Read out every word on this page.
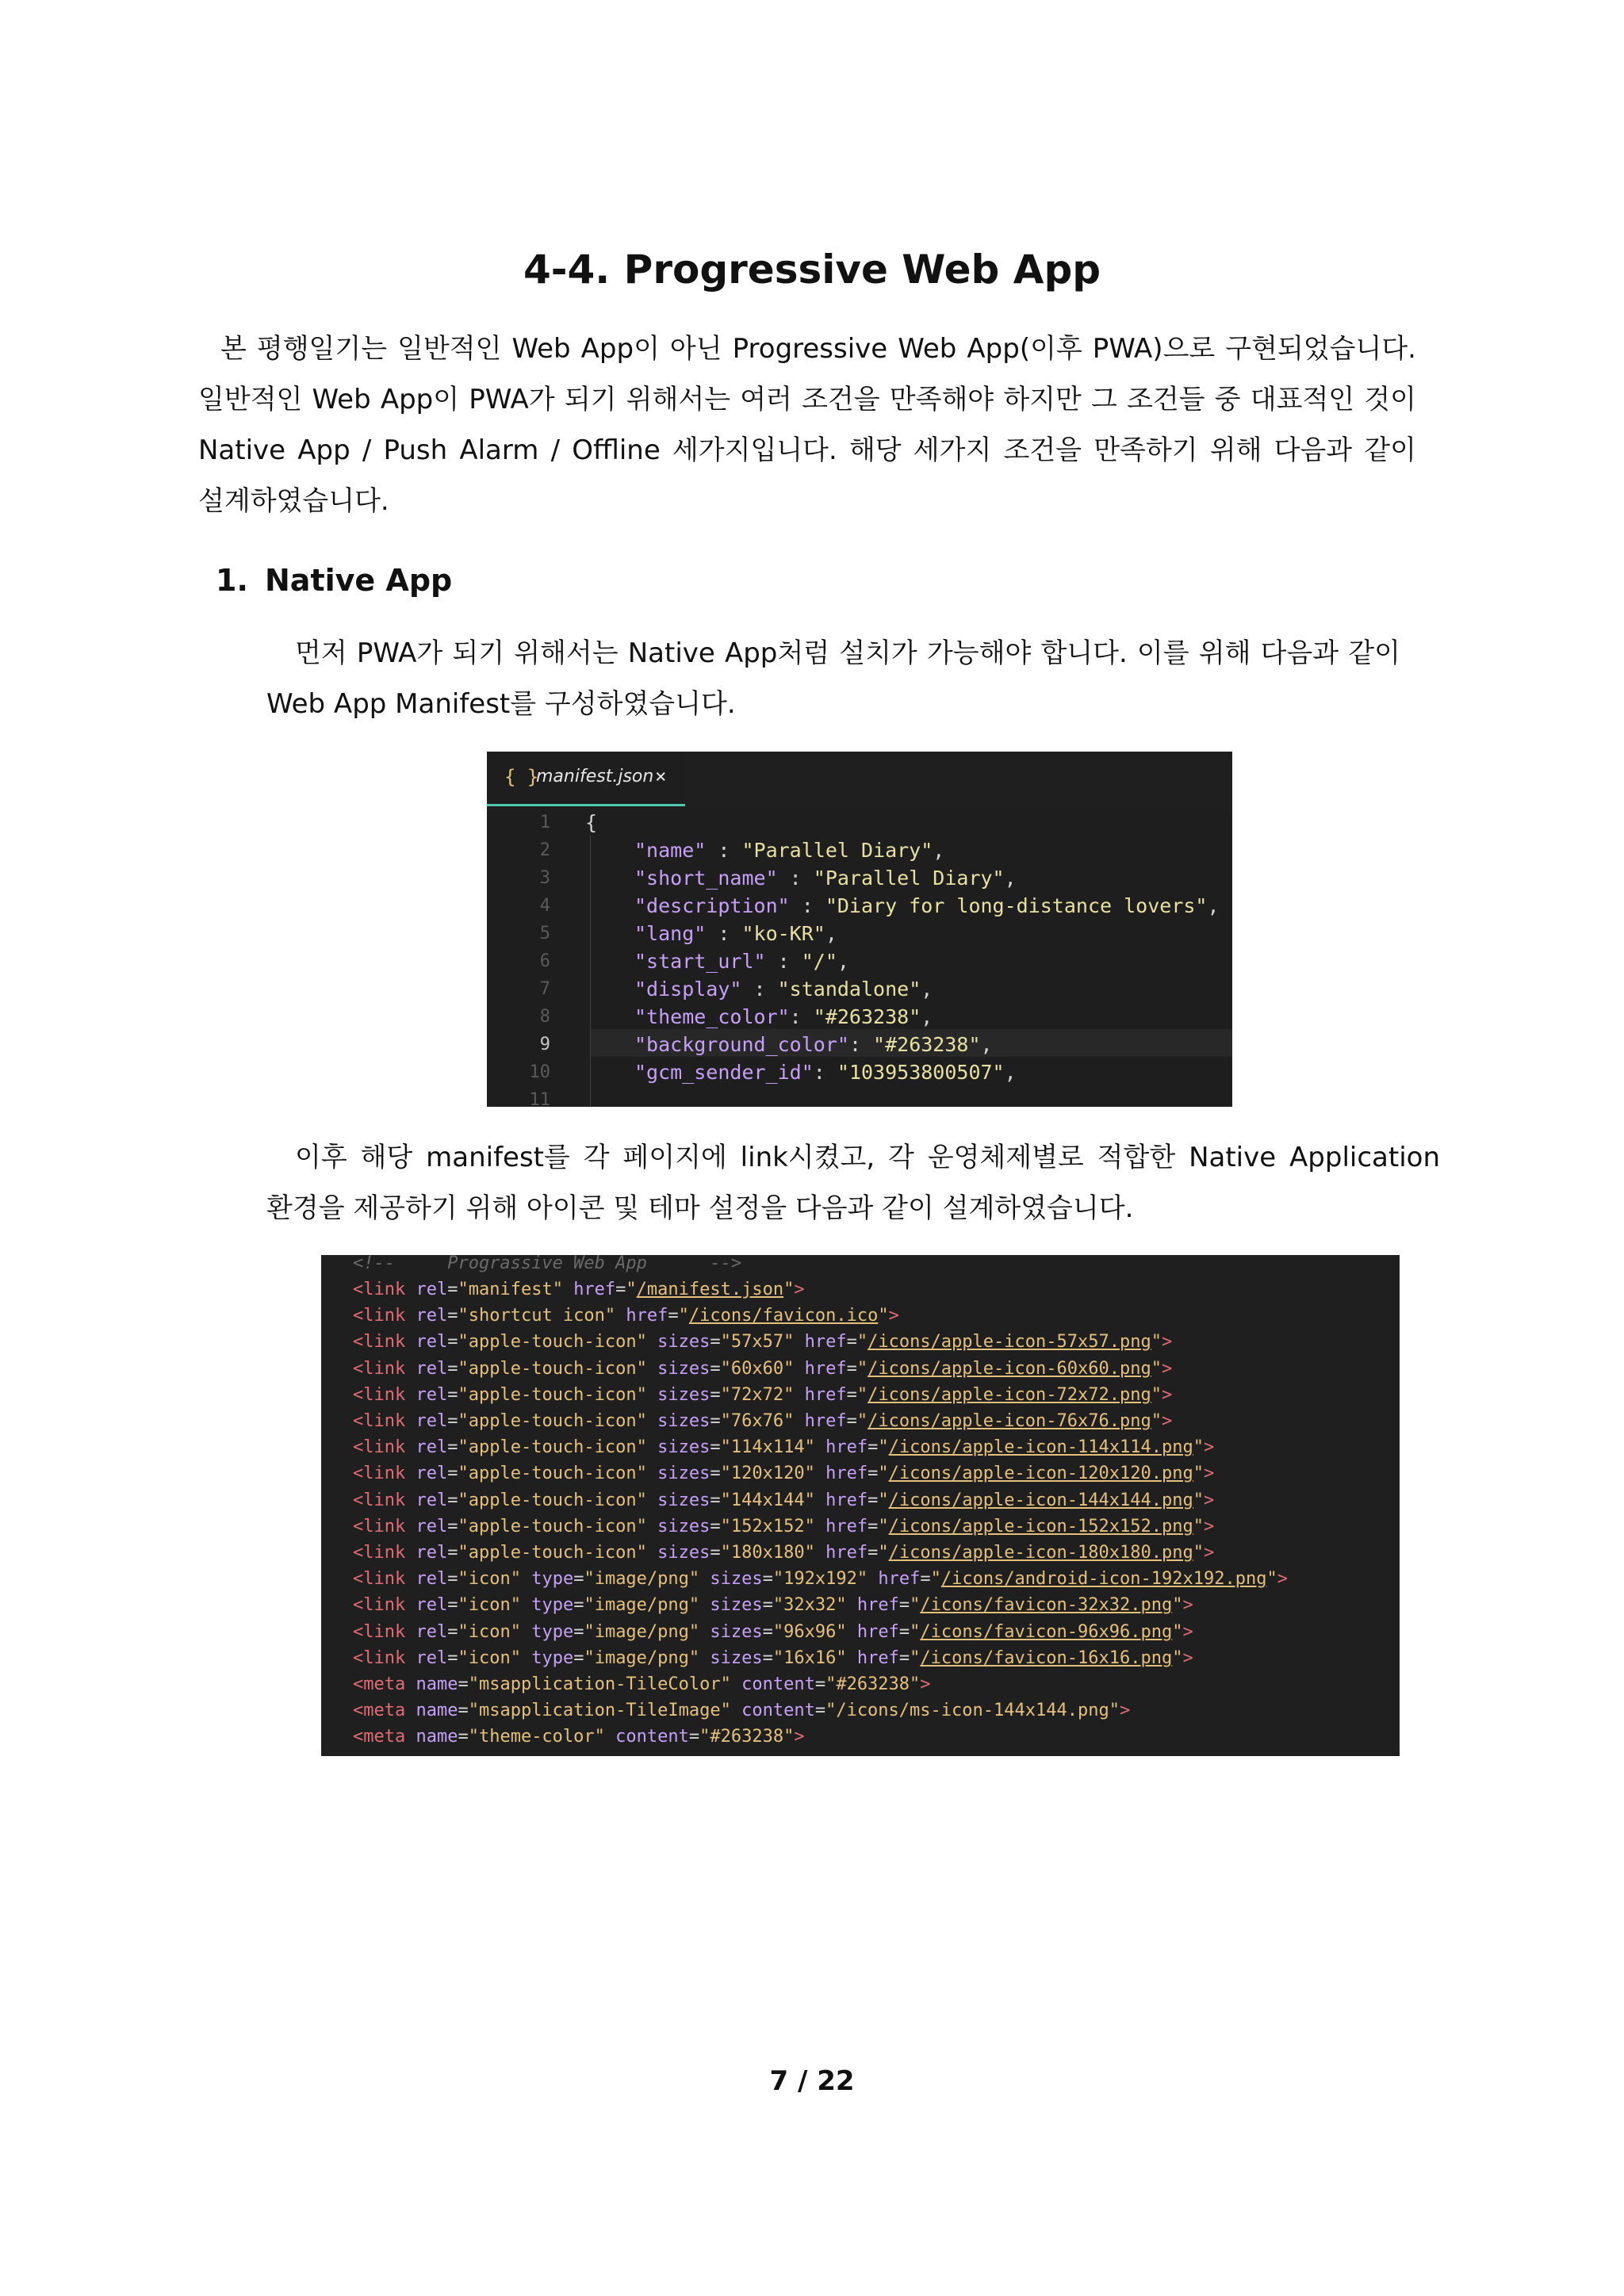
4-4. Progressive Web App

본 평행일기는 일반적인 Web App이 아닌 Progressive Web App(이후 PWA)으로 구현되었습니다. 일반적인 Web App이 PWA가 되기 위해서는 여러 조건을 만족해야 하지만 그 조건들 중 대표적인 것이 Native App / Push Alarm / Offline 세가지입니다. 해당 세가지 조건을 만족하기 위해 다음과 같이 설계하였습니다.

1. Native App

먼저 PWA가 되기 위해서는 Native App처럼 설치가 가능해야 합니다. 이를 위해 다음과 같이 Web App Manifest를 구성하였습니다.

{ }
manifest.json ×
1
2
3
4
5
6
7
8
9
10
11
{
"name" : "Parallel Diary",
"short_name" : "Parallel Diary",
"description" : "Diary for long-distance lovers",
"lang" : "ko-KR",
"start_url" : "/",
"display" : "standalone",
"theme_color": "#263238",
"background_color": "#263238",
"gcm_sender_id": "103953800507",

이후 해당 manifest를 각 페이지에 link시켰고, 각 운영체제별로 적합한 Native Application 환경을 제공하기 위해 아이콘 및 테마 설정을 다음과 같이 설계하였습니다.

<!--     Prograssive Web App      -->
<link rel="manifest" href="/manifest.json">
<link rel="shortcut icon" href="/icons/favicon.ico">
<link rel="apple-touch-icon" sizes="57x57" href="/icons/apple-icon-57x57.png">
<link rel="apple-touch-icon" sizes="60x60" href="/icons/apple-icon-60x60.png">
<link rel="apple-touch-icon" sizes="72x72" href="/icons/apple-icon-72x72.png">
<link rel="apple-touch-icon" sizes="76x76" href="/icons/apple-icon-76x76.png">
<link rel="apple-touch-icon" sizes="114x114" href="/icons/apple-icon-114x114.png">
<link rel="apple-touch-icon" sizes="120x120" href="/icons/apple-icon-120x120.png">
<link rel="apple-touch-icon" sizes="144x144" href="/icons/apple-icon-144x144.png">
<link rel="apple-touch-icon" sizes="152x152" href="/icons/apple-icon-152x152.png">
<link rel="apple-touch-icon" sizes="180x180" href="/icons/apple-icon-180x180.png">
<link rel="icon" type="image/png" sizes="192x192" href="/icons/android-icon-192x192.png">
<link rel="icon" type="image/png" sizes="32x32" href="/icons/favicon-32x32.png">
<link rel="icon" type="image/png" sizes="96x96" href="/icons/favicon-96x96.png">
<link rel="icon" type="image/png" sizes="16x16" href="/icons/favicon-16x16.png">
<meta name="msapplication-TileColor" content="#263238">
<meta name="msapplication-TileImage" content="/icons/ms-icon-144x144.png">
<meta name="theme-color" content="#263238">
7 / 22
